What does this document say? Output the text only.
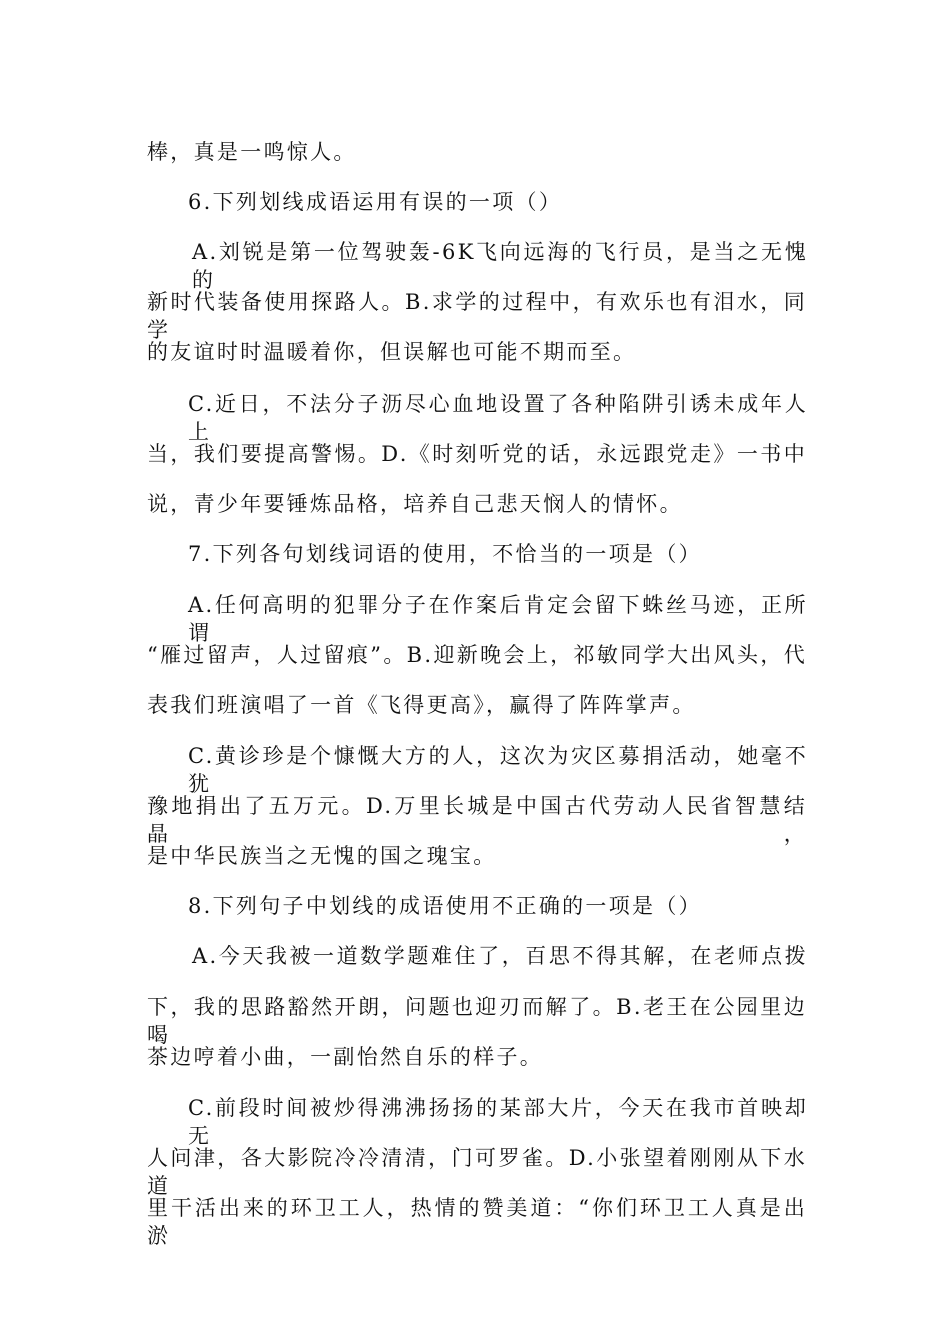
棒，真是一鸣惊人。
6.下列划线成语运用有误的一项（）
A.刘锐是第一位驾驶轰-6K飞向远海的飞行员，是当之无愧的
新时代装备使用探路人。B.求学的过程中，有欢乐也有泪水，同学
的友谊时时温暖着你，但误解也可能不期而至。
C.近日，不法分子沥尽心血地设置了各种陷阱引诱未成年人上
当，我们要提高警惕。D.《时刻听党的话，永远跟党走》一书中
说，青少年要锤炼品格，培养自己悲天悯人的情怀。
7.下列各句划线词语的使用，不恰当的一项是（）
A.任何高明的犯罪分子在作案后肯定会留下蛛丝马迹，正所谓
“雁过留声，人过留痕”。B.迎新晚会上，祁敏同学大出风头，代
表我们班演唱了一首《飞得更高》，赢得了阵阵掌声。
C.黄诊珍是个慷慨大方的人，这次为灾区募捐活动，她毫不犹
豫地捐出了五万元。D.万里长城是中国古代劳动人民省智慧结晶，
是中华民族当之无愧的国之瑰宝。
8.下列句子中划线的成语使用不正确的一项是（）
A.今天我被一道数学题难住了，百思不得其解，在老师点拨
下，我的思路豁然开朗，问题也迎刃而解了。B.老王在公园里边喝
茶边哼着小曲，一副怡然自乐的样子。
C.前段时间被炒得沸沸扬扬的某部大片，今天在我市首映却无
人问津，各大影院冷冷清清，门可罗雀。D.小张望着刚刚从下水道
里干活出来的环卫工人，热情的赞美道：“你们环卫工人真是出淤
